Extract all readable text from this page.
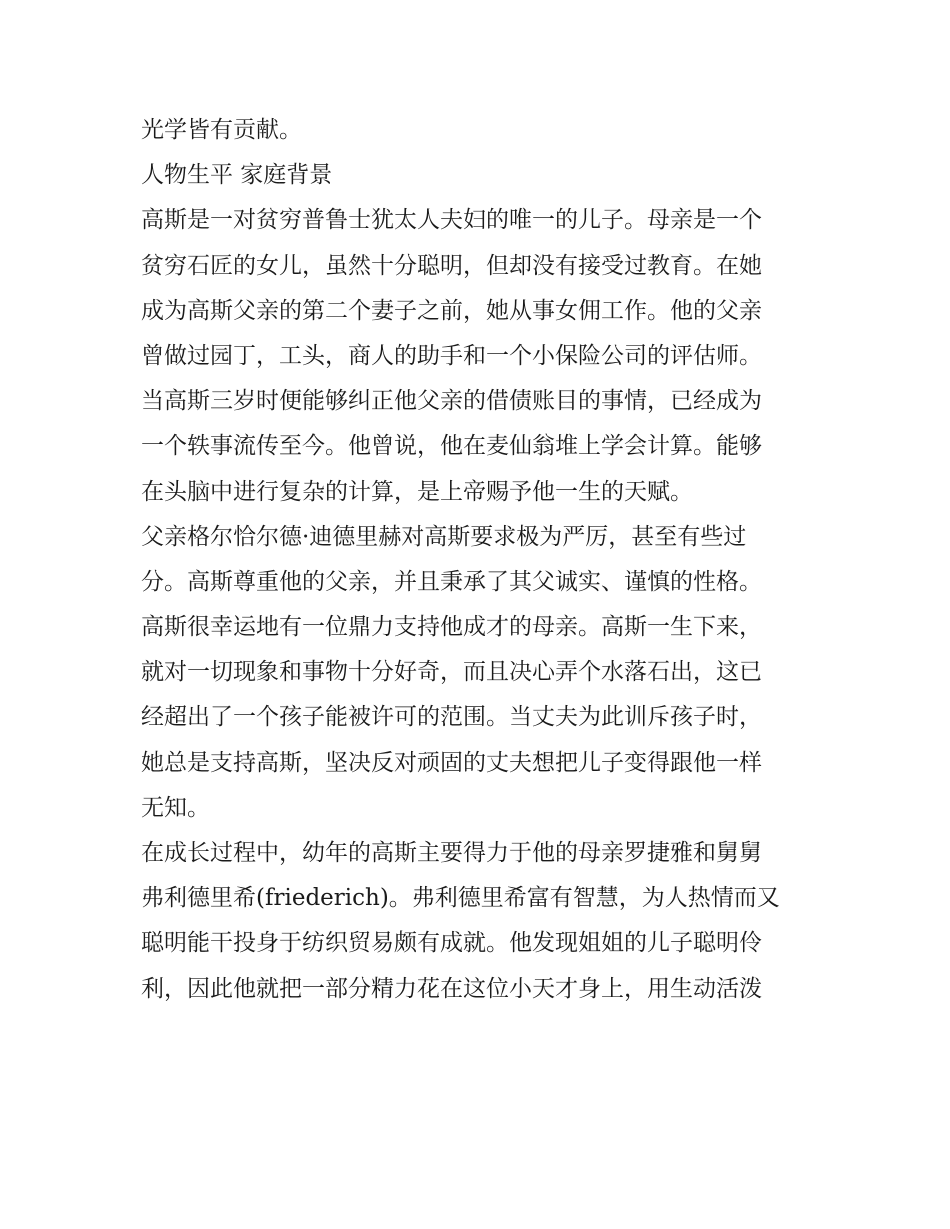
光学皆有贡献。
人物生平 家庭背景
高斯是一对贫穷普鲁士犹太人夫妇的唯一的儿子。母亲是一个
贫穷石匠的女儿，虽然十分聪明，但却没有接受过教育。在她
成为高斯父亲的第二个妻子之前，她从事女佣工作。他的父亲
曾做过园丁，工头，商人的助手和一个小保险公司的评估师。
当高斯三岁时便能够纠正他父亲的借债账目的事情，已经成为
一个轶事流传至今。他曾说，他在麦仙翁堆上学会计算。能够
在头脑中进行复杂的计算，是上帝赐予他一生的天赋。
父亲格尔恰尔德·迪德里赫对高斯要求极为严厉，甚至有些过
分。高斯尊重他的父亲，并且秉承了其父诚实、谨慎的性格。
高斯很幸运地有一位鼎力支持他成才的母亲。高斯一生下来，
就对一切现象和事物十分好奇，而且决心弄个水落石出，这已
经超出了一个孩子能被许可的范围。当丈夫为此训斥孩子时，
她总是支持高斯，坚决反对顽固的丈夫想把儿子变得跟他一样
无知。
在成长过程中，幼年的高斯主要得力于他的母亲罗捷雅和舅舅
弗利德里希(friederich)。弗利德里希富有智慧，为人热情而又
聪明能干投身于纺织贸易颇有成就。他发现姐姐的儿子聪明伶
利，因此他就把一部分精力花在这位小天才身上，用生动活泼
